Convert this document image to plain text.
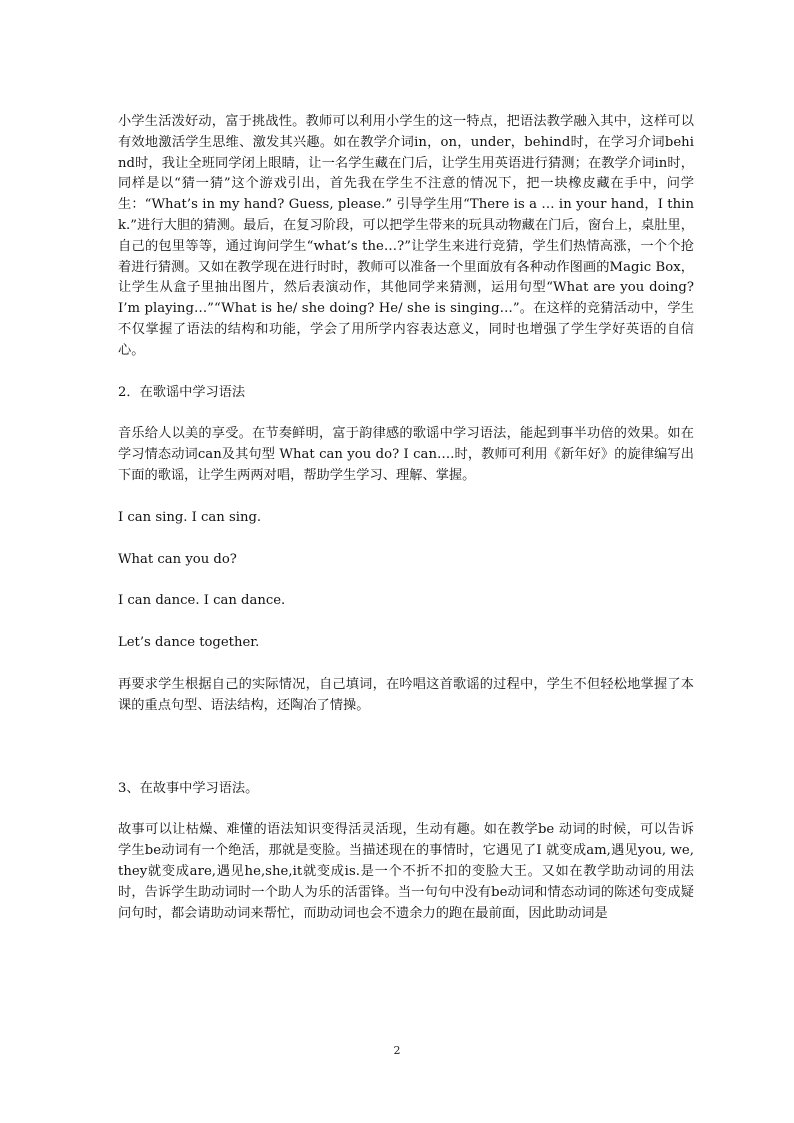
小学生活泼好动，富于挑战性。教师可以利用小学生的这一特点，把语法教学融入其中，这样可以有效地激活学生思维、激发其兴趣。如在教学介词in，on，under，behind时，在学习介词behind时，我让全班同学闭上眼睛，让一名学生藏在门后，让学生用英语进行猜测；在教学介词in时，同样是以“猜一猜”这个游戏引出，首先我在学生不注意的情况下，把一块橡皮藏在手中，问学生：“What’s in my hand? Guess, please.” 引导学生用“There is a … in your hand，I think.”进行大胆的猜测。最后，在复习阶段，可以把学生带来的玩具动物藏在门后，窗台上，桌肚里，自己的包里等等，通过询问学生“what’s the…?”让学生来进行竞猜，学生们热情高涨，一个个抢着进行猜测。又如在教学现在进行时时，教师可以准备一个里面放有各种动作图画的Magic Box，让学生从盒子里抽出图片，然后表演动作，其他同学来猜测，运用句型“What are you doing? I’m playing…”“What is he/ she doing? He/ she is singing…”。在这样的竞猜活动中，学生不仅掌握了语法的结构和功能，学会了用所学内容表达意义，同时也增强了学生学好英语的自信心。

2．在歌谣中学习语法

音乐给人以美的享受。在节奏鲜明，富于韵律感的歌谣中学习语法，能起到事半功倍的效果。如在学习情态动词can及其句型 What can you do? I can….时，教师可利用《新年好》的旋律编写出下面的歌谣，让学生两两对唱，帮助学生学习、理解、掌握。

I can sing. I can sing.

What can you do?

I can dance. I can dance.

Let’s dance together.

再要求学生根据自己的实际情况，自己填词，在吟唱这首歌谣的过程中，学生不但轻松地掌握了本课的重点句型、语法结构，还陶冶了情操。

3、在故事中学习语法。

故事可以让枯燥、难懂的语法知识变得活灵活现，生动有趣。如在教学be 动词的时候，可以告诉学生be动词有一个绝活，那就是变脸。当描述现在的事情时，它遇见了I 就变成am,遇见you, we, they就变成are,遇见he,she,it就变成is.是一个不折不扣的变脸大王。又如在教学助动词的用法时，告诉学生助动词时一个助人为乐的活雷锋。当一句句中没有be动词和情态动词的陈述句变成疑问句时，都会请助动词来帮忙，而助动词也会不遗余力的跑在最前面，因此助动词是

2
